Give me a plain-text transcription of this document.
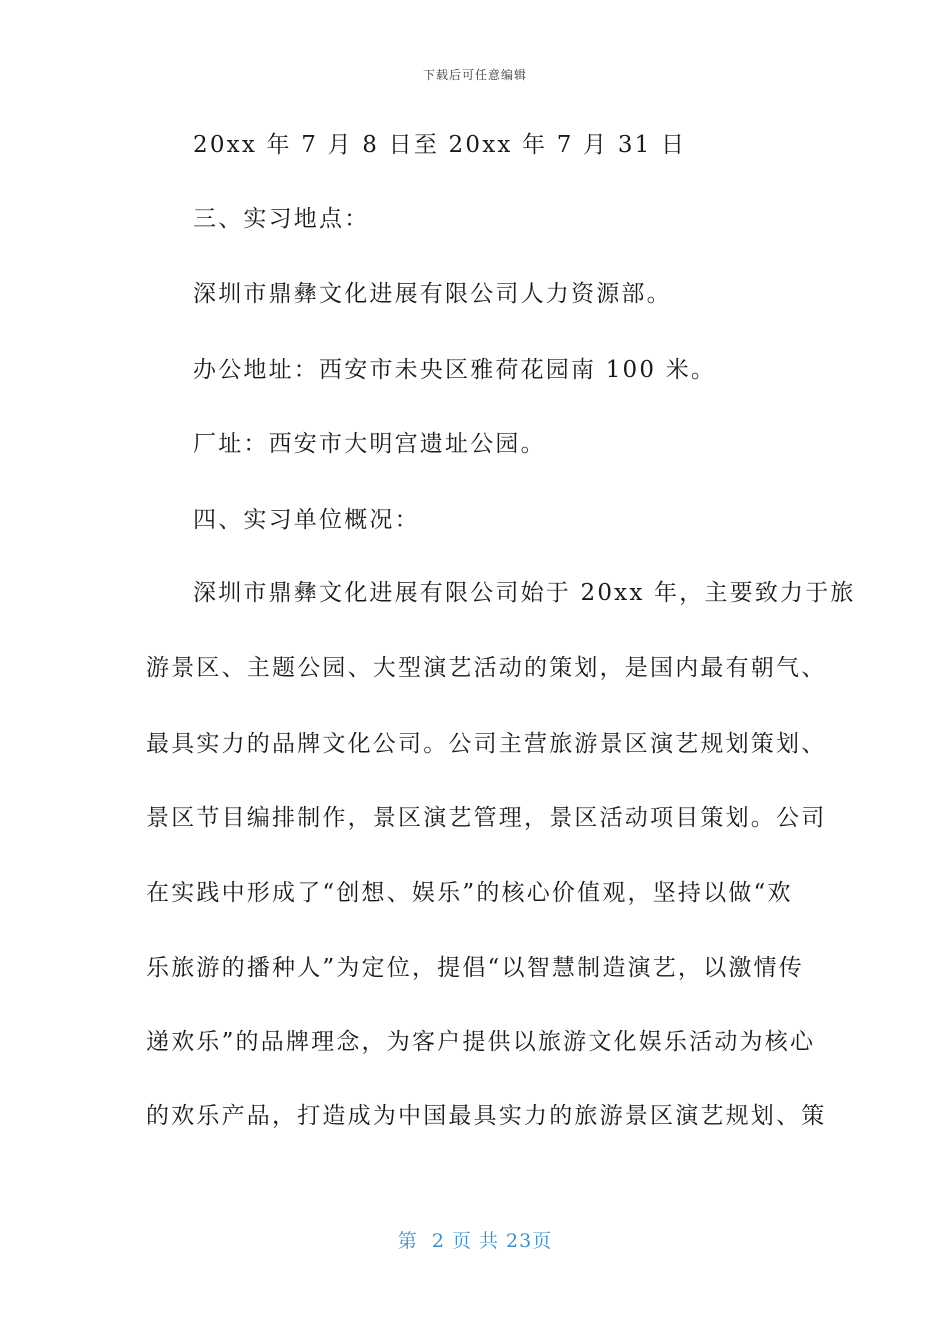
下载后可任意编辑
20xx 年 7 月 8 日至 20xx 年 7 月 31 日
三、实习地点：
深圳市鼎彝文化进展有限公司人力资源部。
办公地址：西安市未央区雅荷花园南 100 米。
厂址：西安市大明宫遗址公园。
四、实习单位概况：
深圳市鼎彝文化进展有限公司始于 20xx 年，主要致力于旅
游景区、主题公园、大型演艺活动的策划，是国内最有朝气、
最具实力的品牌文化公司。公司主营旅游景区演艺规划策划、
景区节目编排制作，景区演艺管理，景区活动项目策划。公司
在实践中形成了“创想、娱乐”的核心价值观，坚持以做“欢
乐旅游的播种人”为定位，提倡“以智慧制造演艺，以激情传
递欢乐”的品牌理念，为客户提供以旅游文化娱乐活动为核心
的欢乐产品，打造成为中国最具实力的旅游景区演艺规划、策
第  2 页 共 23页
